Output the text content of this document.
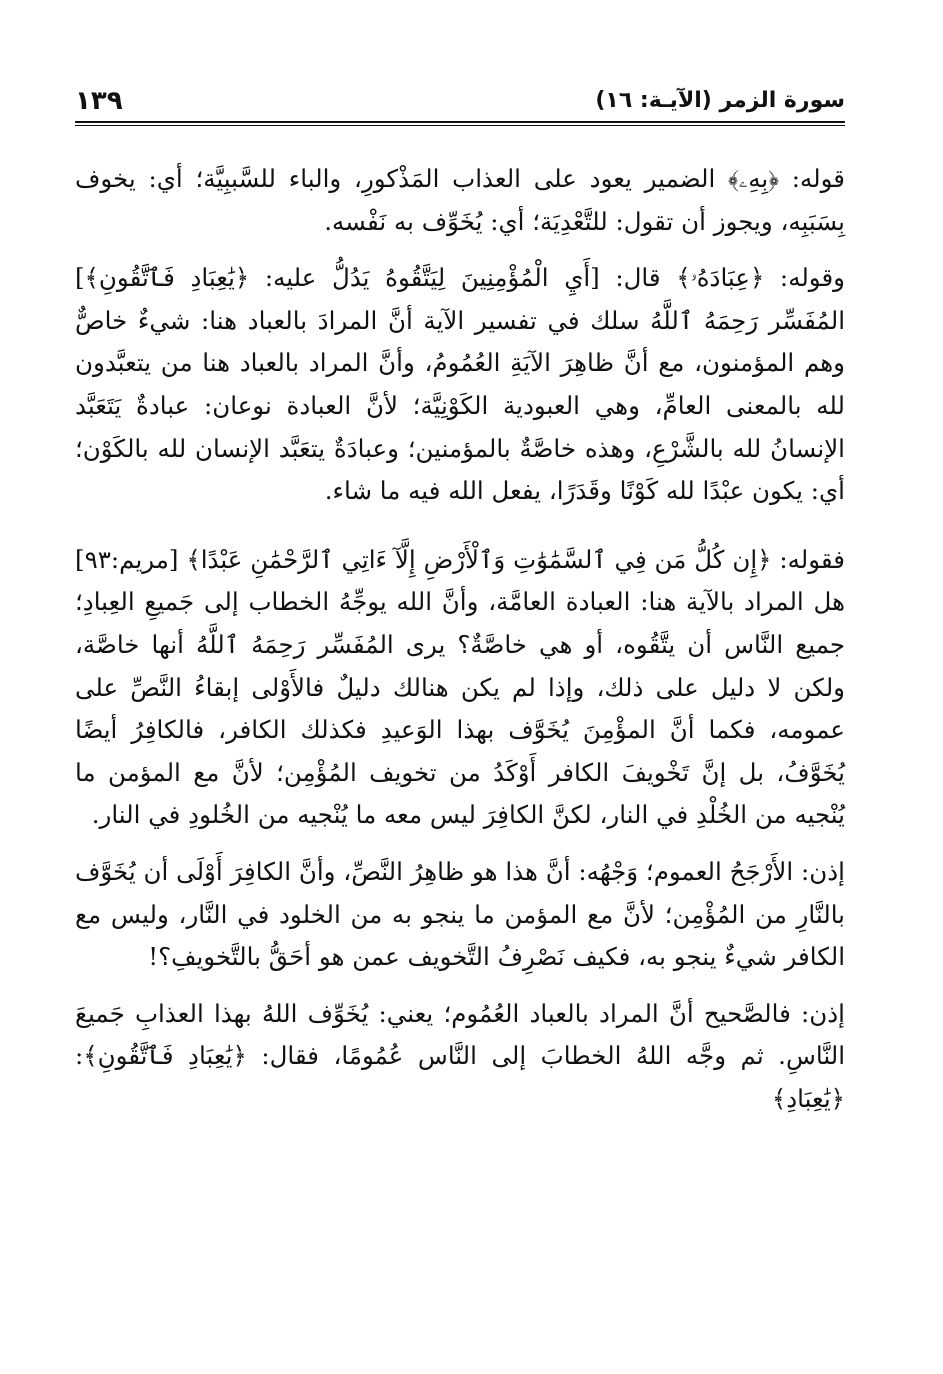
سورة الزمر (الآيـة: ١٦)
١٣٩

قوله: ﴿بِهِۦ﴾ الضمير يعود على العذاب المَذْكورِ، والباء للسَّببِيَّة؛ أي: يخوف بِسَبَبِه، ويجوز أن تقول: للتَّعْدِيَة؛ أي: يُخَوِّف به نَفْسه.

وقوله: ﴿عِبَادَهُۥ﴾ قال: [أَيِ الْمُؤْمِنِينَ لِيَتَّقُوهُ يَدُلُّ عليه: ﴿يَٰعِبَادِ فَٱتَّقُونِ﴾] المُفَسِّر رَحِمَهُ ٱللَّهُ سلك في تفسير الآية أنَّ المرادَ بالعباد هنا: شيءٌ خاصٌّ وهم المؤمنون، مع أنَّ ظاهِرَ الآيَةِ العُمُومُ، وأنَّ المراد بالعباد هنا من يتعبَّدون لله بالمعنى العامِّ، وهي العبودية الكَوْنِيَّة؛ لأنَّ العبادة نوعان: عبادةٌ يَتَعَبَّد الإنسانُ لله بالشَّرْعِ، وهذه خاصَّةٌ بالمؤمنين؛ وعبادَةٌ يتعَبَّد الإنسان لله بالكَوْن؛ أي: يكون عبْدًا لله كَوْنًا وقَدَرًا، يفعل الله فيه ما شاء.

فقوله: ﴿إِن كُلُّ مَن فِي ٱلسَّمَٰوَٰتِ وَٱلْأَرْضِ إِلَّآ ءَاتِي ٱلرَّحْمَٰنِ عَبْدًا﴾ [مريم:٩٣] هل المراد بالآية هنا: العبادة العامَّة، وأنَّ الله يوجِّهُ الخطاب إلى جَميعِ العِبادِ؛ جميع النَّاس أن يتَّقُوه، أو هي خاصَّةٌ؟ يرى المُفَسِّر رَحِمَهُ ٱللَّهُ أنها خاصَّة، ولكن لا دليل على ذلك، وإذا لم يكن هنالك دليلٌ فالأَوْلى إبقاءُ النَّصِّ على عمومه، فكما أنَّ المؤْمِنَ يُخَوَّف بهذا الوَعيدِ فكذلك الكافر، فالكافِرُ أيضًا يُخَوَّفُ، بل إنَّ تَخْويفَ الكافر أَوْكَدُ من تخويف المُؤْمِن؛ لأنَّ مع المؤمن ما يُنْجيه من الخُلْدِ في النار، لكنَّ الكافِرَ ليس معه ما يُنْجيه من الخُلودِ في النار.

إذن: الأَرْجَحُ العموم؛ وَجْهُه: أنَّ هذا هو ظاهِرُ النَّصِّ، وأنَّ الكافِرَ أَوْلَى أن يُخَوَّف بالنَّارِ من المُؤْمِن؛ لأنَّ مع المؤمن ما ينجو به من الخلود في النَّار، وليس مع الكافر شيءٌ ينجو به، فكيف نَصْرِفُ التَّخويف عمن هو أحَقُّ بالتَّخويفِ؟!

إذن: فالصَّحيح أنَّ المراد بالعباد العُمُوم؛ يعني: يُخَوِّف اللهُ بهذا العذابِ جَميعَ النَّاسِ. ثم وجَّه اللهُ الخطابَ إلى النَّاس عُمُومًا، فقال: ﴿يَٰعِبَادِ فَٱتَّقُونِ﴾: ﴿يَٰعِبَادِ﴾
